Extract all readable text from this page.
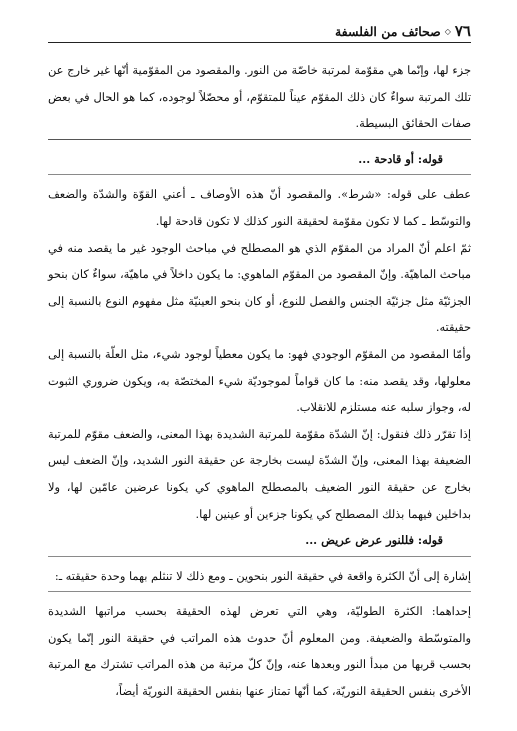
٧٦
◇
صحائف من الفلسفة

جزء لها، وإنّما هي مقوّمة لمرتبة خاصّة من النور. والمقصود من المقوّمية أنّها غير خارج عن تلك المرتبة سواءٌ كان ذلك المقوّم عيناً للمتقوّم، أو محصّلاً لوجوده، كما هو الحال في بعض صفات الحقائق البسيطة.

قوله: أو قادحة ...

عطف على قوله: «شرط». والمقصود أنّ هذه الأوصاف ـ أعني القوّة والشدّة والضعف والتوسّط ـ كما لا تكون مقوّمة لحقيقة النور كذلك لا تكون قادحة لها.

ثمّ اعلم أنّ المراد من المقوّم الذي هو المصطلح في مباحث الوجود غير ما يقصد منه في مباحث الماهيّة. وإنّ المقصود من المقوّم الماهوي: ما يكون داخلاً في ماهيّة، سواءٌ كان بنحو الجزئيّة مثل جزئيّة الجنس والفصل للنوع، أو كان بنحو العينيّة مثل مفهوم النوع بالنسبة إلى حقيقته.

وأمّا المقصود من المقوّم الوجودي فهو: ما يكون معطياً لوجود شيء، مثل العلّة بالنسبة إلى معلولها، وقد يقصد منه: ما كان قواماً لموجوديّة شيء المختصّة به، ويكون ضروري الثبوت له، وجواز سلبه عنه مستلزم للانقلاب.

إذا تقرّر ذلك فنقول: إنّ الشدّة مقوّمة للمرتبة الشديدة بهذا المعنى، والضعف مقوّم للمرتبة الضعيفة بهذا المعنى، وإنّ الشدّة ليست بخارجة عن حقيقة النور الشديد، وإنّ الضعف ليس بخارج عن حقيقة النور الضعيف بالمصطلح الماهوي كي يكونا عرضين عامّين لها، ولا بداخلين فيهما بذلك المصطلح كي يكونا جزءين أو عينين لها.

قوله: فللنور عرض عريض ...

إشارة إلى أنّ الكثرة واقعة في حقيقة النور بنحوين ـ ومع ذلك لا تنثلم بهما وحدة حقيقته ـ:

إحداهما: الكثرة الطوليّة، وهي التي تعرض لهذه الحقيقة بحسب مراتبها الشديدة والمتوسّطة والضعيفة. ومن المعلوم أنّ حدوث هذه المراتب في حقيقة النور إنّما يكون بحسب قربها من مبدأ النور وبعدها عنه، وإنّ كلّ مرتبة من هذه المراتب تشترك مع المرتبة الأخرى بنفس الحقيقة النوريّة، كما أنّها تمتاز عنها بنفس الحقيقة النوريّة أيضاً،
